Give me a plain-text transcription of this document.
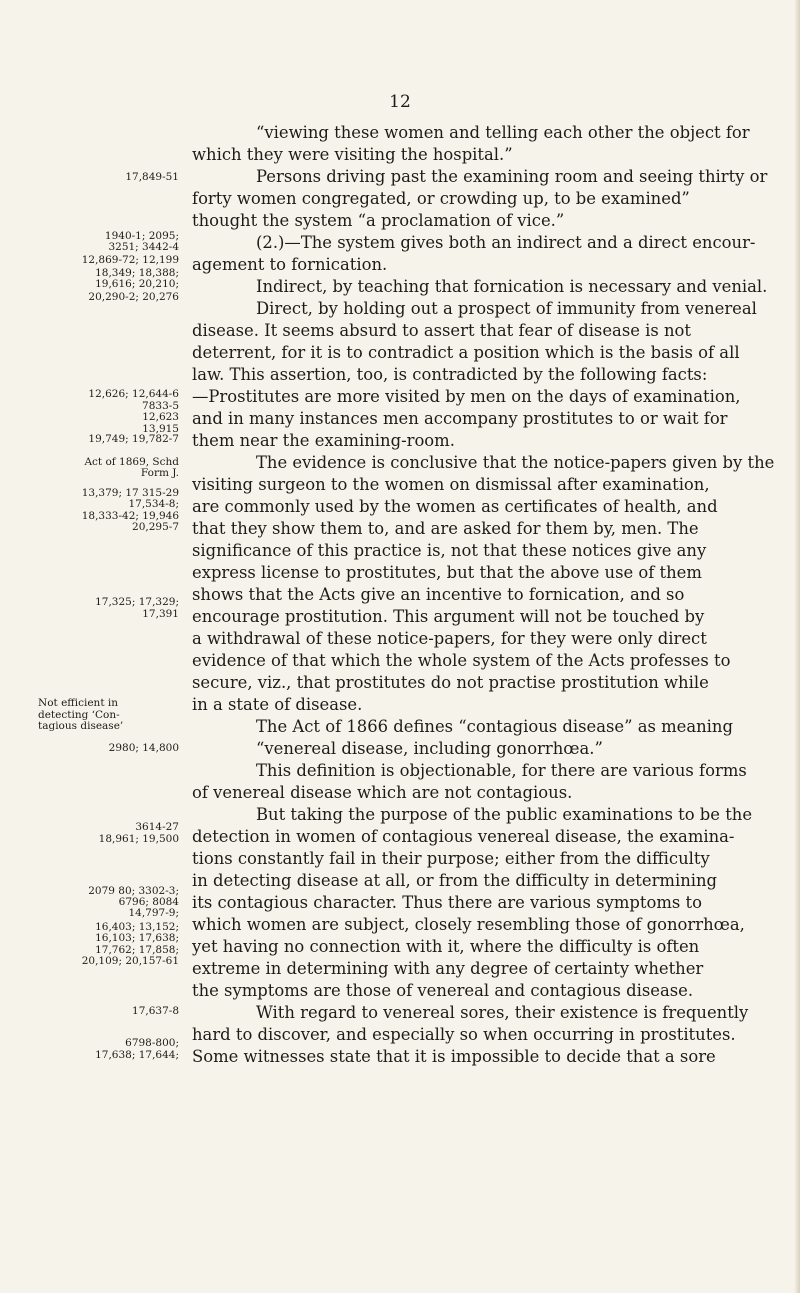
12
“viewing these women and telling each other the object for
which they were visiting the hospital.”
Persons driving past the examining room and seeing thirty or
forty women congregated, or crowding up, to be examined”
thought the system “a proclamation of vice.”
(2.)—The system gives both an indirect and a direct encour-
agement to fornication.
Indirect, by teaching that fornication is necessary and venial.
Direct, by holding out a prospect of immunity from venereal
disease. It seems absurd to assert that fear of disease is not
deterrent, for it is to contradict a position which is the basis of all
law. This assertion, too, is contradicted by the following facts:
—Prostitutes are more visited by men on the days of examination,
and in many instances men accompany prostitutes to or wait for
them near the examining-room.
The evidence is conclusive that the notice-papers given by the
visiting surgeon to the women on dismissal after examination,
are commonly used by the women as certificates of health, and
that they show them to, and are asked for them by, men. The
significance of this practice is, not that these notices give any
express license to prostitutes, but that the above use of them
shows that the Acts give an incentive to fornication, and so
encourage prostitution. This argument will not be touched by
a withdrawal of these notice-papers, for they were only direct
evidence of that which the whole system of the Acts professes to
secure, viz., that prostitutes do not practise prostitution while
in a state of disease.
The Act of 1866 defines “contagious disease” as meaning
“venereal disease, including gonorrhœa.”
This definition is objectionable, for there are various forms
of venereal disease which are not contagious.
But taking the purpose of the public examinations to be the
detection in women of contagious venereal disease, the examina-
tions constantly fail in their purpose; either from the difficulty
in detecting disease at all, or from the difficulty in determining
its contagious character. Thus there are various symptoms to
which women are subject, closely resembling those of gonorrhœa,
yet having no connection with it, where the difficulty is often
extreme in determining with any degree of certainty whether
the symptoms are those of venereal and contagious disease.
With regard to venereal sores, their existence is frequently
hard to discover, and especially so when occurring in prostitutes.
Some witnesses state that it is impossible to decide that a sore
17,849-51
1940-1; 2095;
3251; 3442-4
12,869-72; 12,199
18,349; 18,388;
19,616; 20,210;
20,290-2; 20,276
12,626; 12,644-6
7833-5
12,623
13,915
19,749; 19,782-7
Act of 1869, Schd
Form J.
13,379; 17 315-29
17,534-8;
18,333-42; 19,946
20,295-7
17,325; 17,329;
17,391
Not efficient in
detecting ‘Con-
tagious disease’
2980; 14,800
3614-27
18,961; 19,500
2079 80; 3302-3;
6796; 8084
14,797-9;
16,403; 13,152;
16,103; 17,638;
17,762; 17,858;
20,109; 20,157-61
17,637-8
6798-800;
17,638; 17,644;
